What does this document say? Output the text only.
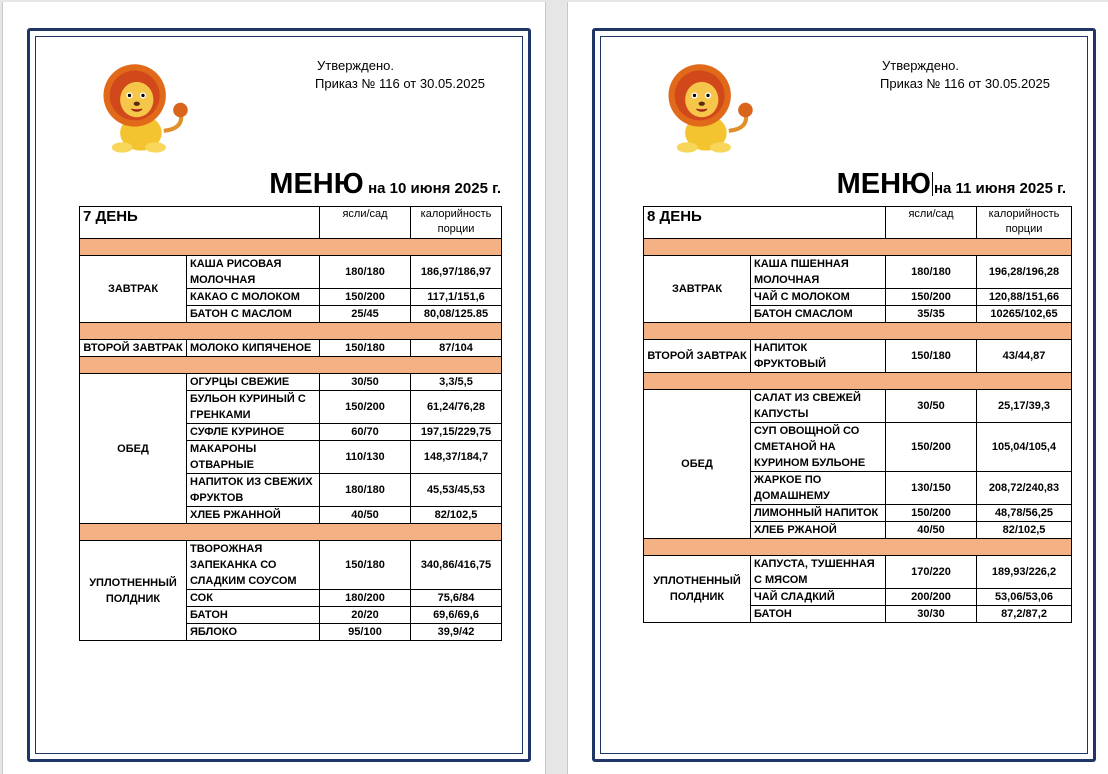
Утверждено.
Приказ № 116 от 30.05.2025
МЕНЮ на 10 июня 2025 г.
7 ДЕНЬ		ясли/сад	калорийность порции

ЗАВТРАК	КАША РИСОВАЯ МОЛОЧНАЯ	180/180	186,97/186,97
	КАКАО С МОЛОКОМ	150/200	117,1/151,6
	БАТОН С МАСЛОМ	25/45	80,08/125.85

ВТОРОЙ ЗАВТРАК	МОЛОКО КИПЯЧЕНОЕ	150/180	87/104

ОБЕД	ОГУРЦЫ СВЕЖИЕ	30/50	3,3/5,5
	БУЛЬОН КУРИНЫЙ С ГРЕНКАМИ	150/200	61,24/76,28
	СУФЛЕ КУРИНОЕ	60/70	197,15/229,75
	МАКАРОНЫ ОТВАРНЫЕ	110/130	148,37/184,7
	НАПИТОК ИЗ СВЕЖИХ ФРУКТОВ	180/180	45,53/45,53
	ХЛЕБ РЖАННОЙ	40/50	82/102,5

УПЛОТНЕННЫЙ ПОЛДНИК	ТВОРОЖНАЯ ЗАПЕКАНКА СО СЛАДКИМ СОУСОМ	150/180	340,86/416,75
	СОК	180/200	75,6/84
	БАТОН	20/20	69,6/69,6
	ЯБЛОКО	95/100	39,9/42
Утверждено.
Приказ № 116 от 30.05.2025
МЕНЮ на 11 июня 2025 г.
8 ДЕНЬ		ясли/сад	калорийность порции

ЗАВТРАК	КАША ПШЕННАЯ МОЛОЧНАЯ	180/180	196,28/196,28
	ЧАЙ С МОЛОКОМ	150/200	120,88/151,66
	БАТОН СМАСЛОМ	35/35	10265/102,65

ВТОРОЙ ЗАВТРАК	НАПИТОК ФРУКТОВЫЙ	150/180	43/44,87

ОБЕД	САЛАТ ИЗ СВЕЖЕЙ КАПУСТЫ	30/50	25,17/39,3
	СУП ОВОЩНОЙ СО СМЕТАНОЙ НА КУРИНОМ БУЛЬОНЕ	150/200	105,04/105,4
	ЖАРКОЕ ПО ДОМАШНЕМУ	130/150	208,72/240,83
	ЛИМОННЫЙ НАПИТОК	150/200	48,78/56,25
	ХЛЕБ РЖАНОЙ	40/50	82/102,5

УПЛОТНЕННЫЙ ПОЛДНИК	КАПУСТА, ТУШЕННАЯ С МЯСОМ	170/220	189,93/226,2
	ЧАЙ СЛАДКИЙ	200/200	53,06/53,06
	БАТОН	30/30	87,2/87,2
